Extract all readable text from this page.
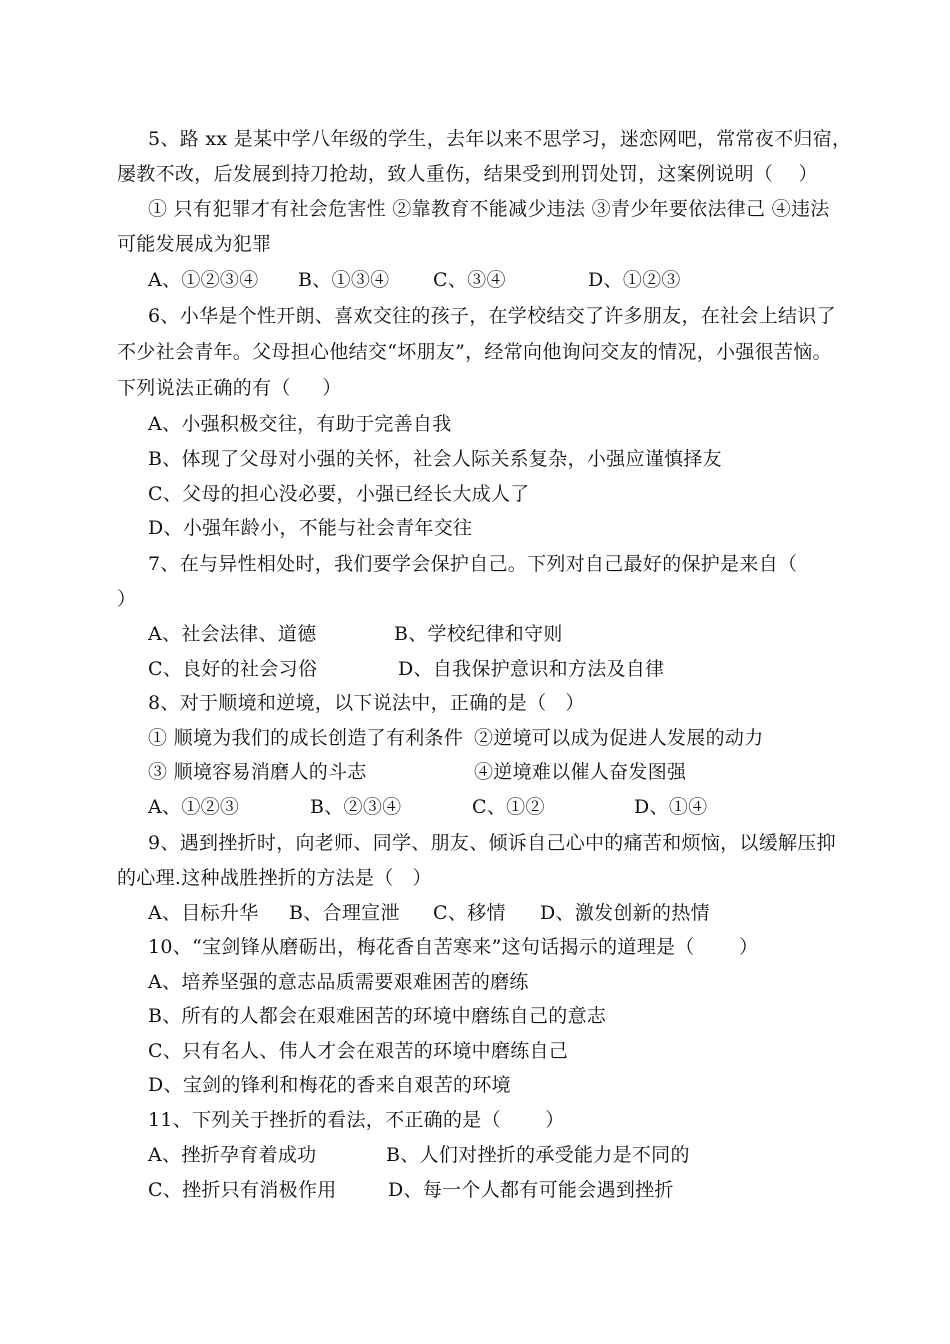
5、路 xx 是某中学八年级的学生，去年以来不思学习，迷恋网吧，常常夜不归宿，
屡教不改，后发展到持刀抢劫，致人重伤，结果受到刑罚处罚，这案例说明（    ）
① 只有犯罪才有社会危害性 ②靠教育不能减少违法 ③青少年要依法律己 ④违法
可能发展成为犯罪
A、①②③④ B、①③④ C、③④	D、①②③
6、小华是个性开朗、喜欢交往的孩子，在学校结交了许多朋友，在社会上结识了
不少社会青年。父母担心他结交“坏朋友”，经常向他询问交友的情况，小强很苦恼。
下列说法正确的有（     ）
A、小强积极交往，有助于完善自我
B、体现了父母对小强的关怀，社会人际关系复杂，小强应谨慎择友
C、父母的担心没必要，小强已经长大成人了
D、小强年龄小，不能与社会青年交往
7、在与异性相处时，我们要学会保护自己。下列对自己最好的保护是来自（
）
A、社会法律、道德	B、学校纪律和守则
C、良好的社会习俗	D、自我保护意识和方法及自律
8、对于顺境和逆境，以下说法中，正确的是（   ）
① 顺境为我们的成长创造了有利条件 ②逆境可以成为促进人发展的动力
③ 顺境容易消磨人的斗志	④逆境难以催人奋发图强
A、①②③	B、②③④	C、①②	D、①④
9、遇到挫折时，向老师、同学、朋友、倾诉自己心中的痛苦和烦恼，以缓解压抑
的心理.这种战胜挫折的方法是（   ）
A、目标升华 B、合理宣泄 C、移情 D、激发创新的热情
10、“宝剑锋从磨砺出，梅花香自苦寒来”这句话揭示的道理是（       ）
A、培养坚强的意志品质需要艰难困苦的磨练
B、所有的人都会在艰难困苦的环境中磨练自己的意志
C、只有名人、伟人才会在艰苦的环境中磨练自己
D、宝剑的锋利和梅花的香来自艰苦的环境
11、下列关于挫折的看法，不正确的是（       ）
A、挫折孕育着成功	B、人们对挫折的承受能力是不同的
C、挫折只有消极作用	D、每一个人都有可能会遇到挫折
